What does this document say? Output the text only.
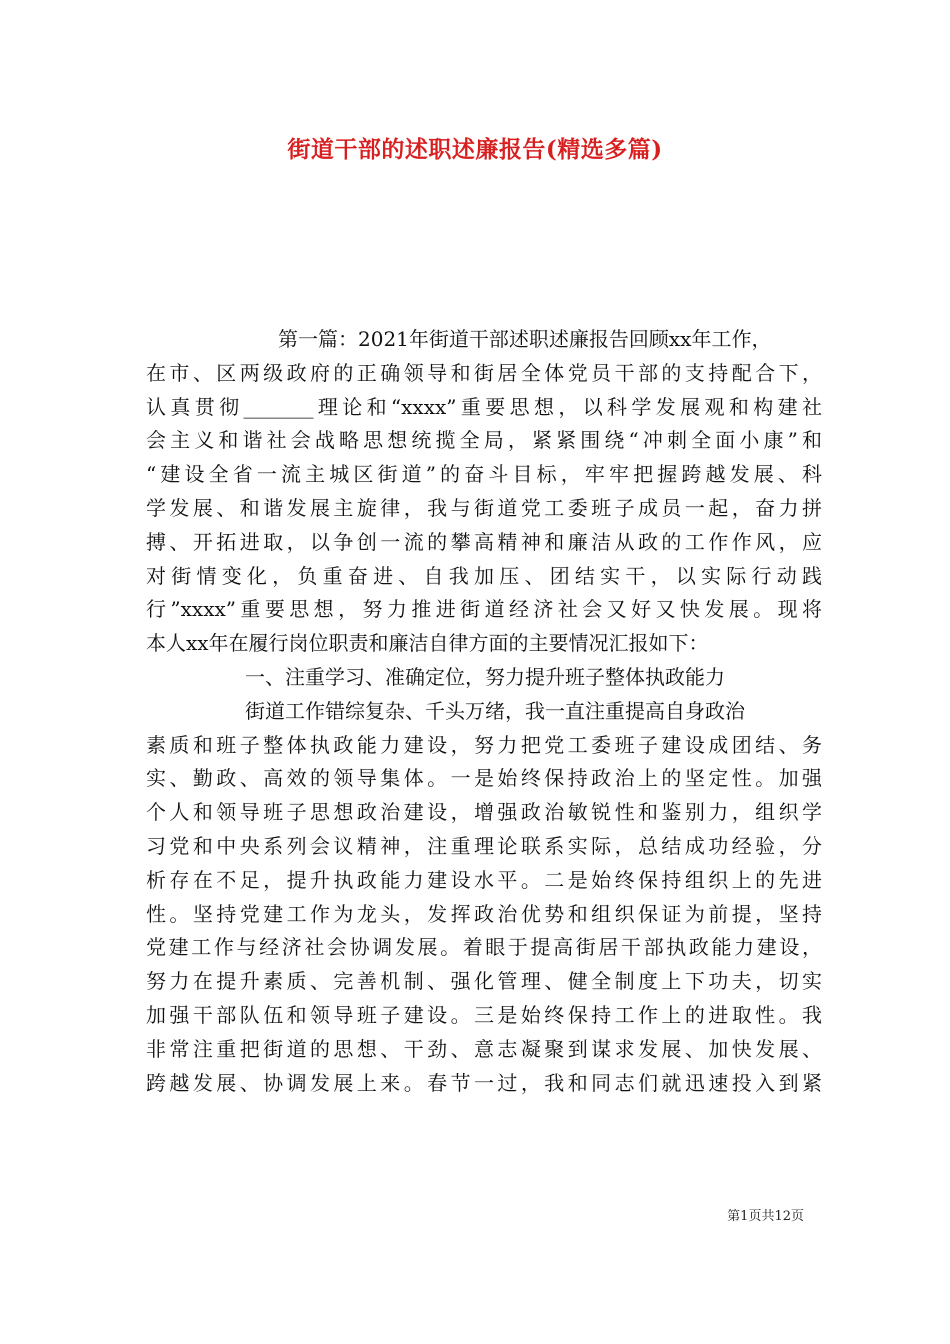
街道干部的述职述廉报告(精选多篇)
第一篇：2021年街道干部述职述廉报告回顾xx年工作，
在市、区两级政府的正确领导和街居全体党员干部的支持配合下，
认真贯彻_______理论和“xxxx”重要思想，以科学发展观和构建社
会主义和谐社会战略思想统揽全局，紧紧围绕“冲刺全面小康”和
“建设全省一流主城区街道”的奋斗目标，牢牢把握跨越发展、科
学发展、和谐发展主旋律，我与街道党工委班子成员一起，奋力拼
搏、开拓进取，以争创一流的攀高精神和廉洁从政的工作作风，应
对街情变化，负重奋进、自我加压、团结实干，以实际行动践
行”xxxx”重要思想，努力推进街道经济社会又好又快发展。现将
本人xx年在履行岗位职责和廉洁自律方面的主要情况汇报如下：
一、注重学习、准确定位，努力提升班子整体执政能力
街道工作错综复杂、千头万绪，我一直注重提高自身政治
素质和班子整体执政能力建设，努力把党工委班子建设成团结、务
实、勤政、高效的领导集体。一是始终保持政治上的坚定性。加强
个人和领导班子思想政治建设，增强政治敏锐性和鉴别力，组织学
习党和中央系列会议精神，注重理论联系实际，总结成功经验，分
析存在不足，提升执政能力建设水平。二是始终保持组织上的先进
性。坚持党建工作为龙头，发挥政治优势和组织保证为前提，坚持
党建工作与经济社会协调发展。着眼于提高街居干部执政能力建设，
努力在提升素质、完善机制、强化管理、健全制度上下功夫，切实
加强干部队伍和领导班子建设。三是始终保持工作上的进取性。我
非常注重把街道的思想、干劲、意志凝聚到谋求发展、加快发展、
跨越发展、协调发展上来。春节一过，我和同志们就迅速投入到紧
第1页共12页
